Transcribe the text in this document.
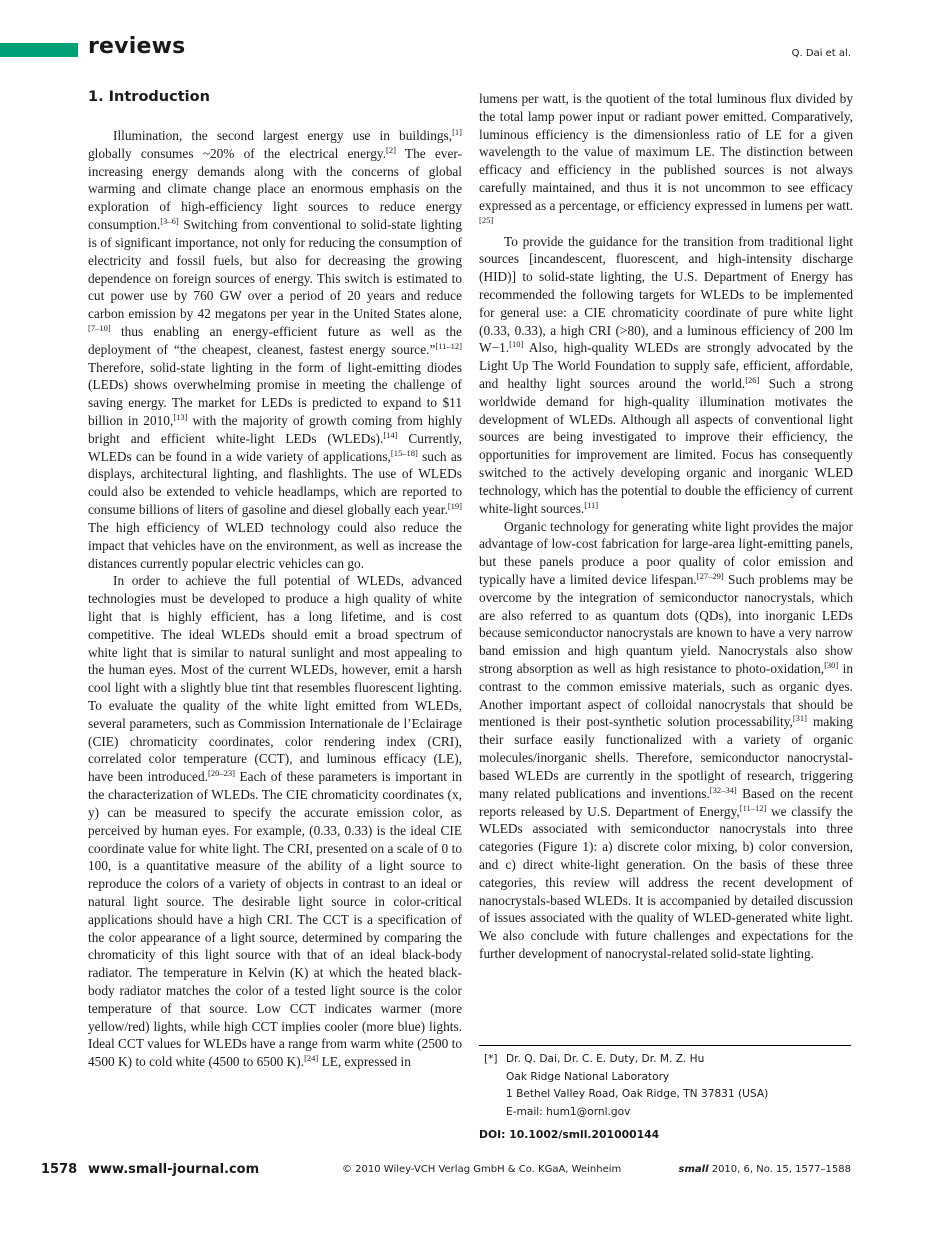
reviews	Q. Dai et al.
1. Introduction

Illumination, the second largest energy use in buildings,[1] globally consumes ~20% of the electrical energy.[2] The ever-increasing energy demands along with the concerns of global warming and climate change place an enormous emphasis on the exploration of high-efficiency light sources to reduce energy consumption.[3–6] Switching from conventional to solid-state lighting is of significant importance, not only for reducing the consumption of electricity and fossil fuels, but also for decreasing the growing dependence on foreign sources of energy. This switch is estimated to cut power use by 760 GW over a period of 20 years and reduce carbon emission by 42 megatons per year in the United States alone,[7–10] thus enabling an energy-efficient future as well as the deployment of “the cheapest, cleanest, fastest energy source.”[11–12] Therefore, solid-state lighting in the form of light-emitting diodes (LEDs) shows overwhelming promise in meeting the challenge of saving energy. The market for LEDs is predicted to expand to $11 billion in 2010,[13] with the majority of growth coming from highly bright and efficient white-light LEDs (WLEDs).[14] Currently, WLEDs can be found in a wide variety of applications,[15–18] such as displays, architectural lighting, and flashlights. The use of WLEDs could also be extended to vehicle headlamps, which are reported to consume billions of liters of gasoline and diesel globally each year.[19] The high efficiency of WLED technology could also reduce the impact that vehicles have on the environment, as well as increase the distances currently popular electric vehicles can go.

In order to achieve the full potential of WLEDs, advanced technologies must be developed to produce a high quality of white light that is highly efficient, has a long lifetime, and is cost competitive. The ideal WLEDs should emit a broad spectrum of white light that is similar to natural sunlight and most appealing to the human eyes. Most of the current WLEDs, however, emit a harsh cool light with a slightly blue tint that resembles fluorescent lighting. To evaluate the quality of the white light emitted from WLEDs, several parameters, such as Commission Internationale de l’Eclairage (CIE) chromaticity coordinates, color rendering index (CRI), correlated color temperature (CCT), and luminous efficacy (LE), have been introduced.[20–23] Each of these parameters is important in the characterization of WLEDs. The CIE chromaticity coordinates (x, y) can be measured to specify the accurate emission color, as perceived by human eyes. For example, (0.33, 0.33) is the ideal CIE coordinate value for white light. The CRI, presented on a scale of 0 to 100, is a quantitative measure of the ability of a light source to reproduce the colors of a variety of objects in contrast to an ideal or natural light source. The desirable light source in color-critical applications should have a high CRI. The CCT is a specification of the color appearance of a light source, determined by comparing the chromaticity of this light source with that of an ideal black-body radiator. The temperature in Kelvin (K) at which the heated black-body radiator matches the color of a tested light source is the color temperature of that source. Low CCT indicates warmer (more yellow/red) lights, while high CCT implies cooler (more blue) lights. Ideal CCT values for WLEDs have a range from warm white (2500 to 4500 K) to cold white (4500 to 6500 K).[24] LE, expressed in

lumens per watt, is the quotient of the total luminous flux divided by the total lamp power input or radiant power emitted. Comparatively, luminous efficiency is the dimensionless ratio of LE for a given wavelength to the value of maximum LE. The distinction between efficacy and efficiency in the published sources is not always carefully maintained, and thus it is not uncommon to see efficacy expressed as a percentage, or efficiency expressed in lumens per watt.[25]

To provide the guidance for the transition from traditional light sources [incandescent, fluorescent, and high-intensity discharge (HID)] to solid-state lighting, the U.S. Department of Energy has recommended the following targets for WLEDs to be implemented for general use: a CIE chromaticity coordinate of pure white light (0.33, 0.33), a high CRI (>80), and a luminous efficiency of 200 lm W−1.[10] Also, high-quality WLEDs are strongly advocated by the Light Up The World Foundation to supply safe, efficient, affordable, and healthy light sources around the world.[26] Such a strong worldwide demand for high-quality illumination motivates the development of WLEDs. Although all aspects of conventional light sources are being investigated to improve their efficiency, the opportunities for improvement are limited. Focus has consequently switched to the actively developing organic and inorganic WLED technology, which has the potential to double the efficiency of current white-light sources.[11]

Organic technology for generating white light provides the major advantage of low-cost fabrication for large-area light-emitting panels, but these panels produce a poor quality of color emission and typically have a limited device lifespan.[27–29] Such problems may be overcome by the integration of semiconductor nanocrystals, which are also referred to as quantum dots (QDs), into inorganic LEDs because semiconductor nanocrystals are known to have a very narrow band emission and high quantum yield. Nanocrystals also show strong absorption as well as high resistance to photo-oxidation,[30] in contrast to the common emissive materials, such as organic dyes. Another important aspect of colloidal nanocrystals that should be mentioned is their post-synthetic solution processability,[31] making their surface easily functionalized with a variety of organic molecules/inorganic shells. Therefore, semiconductor nanocrystal-based WLEDs are currently in the spotlight of research, triggering many related publications and inventions.[32–34] Based on the recent reports released by U.S. Department of Energy,[11–12] we classify the WLEDs associated with semiconductor nanocrystals into three categories (Figure 1): a) discrete color mixing, b) color conversion, and c) direct white-light generation. On the basis of these three categories, this review will address the recent development of nanocrystals-based WLEDs. It is accompanied by detailed discussion of issues associated with the quality of WLED-generated white light. We also conclude with future challenges and expectations for the further development of nanocrystal-related solid-state lighting.

[*] Dr. Q. Dai, Dr. C. E. Duty, Dr. M. Z. Hu
Oak Ridge National Laboratory
1 Bethel Valley Road, Oak Ridge, TN 37831 (USA)
E-mail: hum1@ornl.gov
DOI: 10.1002/smll.201000144
1578 www.small-journal.com	© 2010 Wiley-VCH Verlag GmbH & Co. KGaA, Weinheim	small 2010, 6, No. 15, 1577–1588
